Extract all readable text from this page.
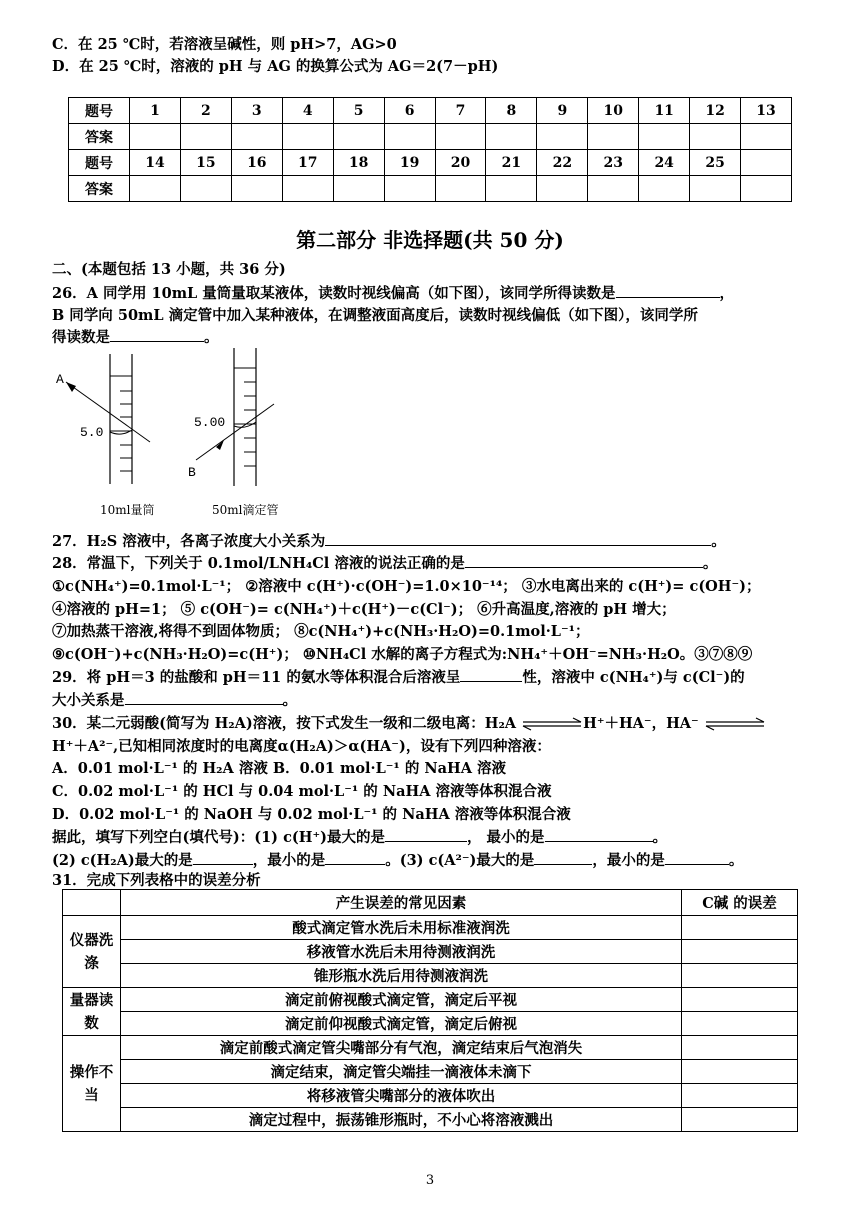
C．在 25 ℃时，若溶液呈碱性，则 pH>7，AG>0
D．在 25 ℃时，溶液的 pH 与 AG 的换算公式为 AG＝2(7－pH)
题号	1	2	3	4	5	6	7	8	9	10	11	12	13
答案													
题号	14	15	16	17	18	19	20	21	22	23	24	25	
答案													
第二部分 非选择题(共 50 分)
二、(本题包括 13 小题，共 36 分)
26．A 同学用 10mL 量筒量取某液体，读数时视线偏高（如下图），该同学所得读数是	，
B 同学向 50mL 滴定管中加入某种液体，在调整液面高度后，读数时视线偏低（如下图），该同学所
得读数是	。
A
5.0
5.00
B
10ml量筒	50ml滴定管
27．H₂S 溶液中，各离子浓度大小关系为	。
28．常温下，下列关于 0.1mol/LNH₄Cl 溶液的说法正确的是	。
①c(NH₄⁺)=0.1mol·L⁻¹； ②溶液中 c(H⁺)·c(OH⁻)=1.0×10⁻¹⁴； ③水电离出来的 c(H⁺)= c(OH⁻)；
④溶液的 pH=1； ⑤ c(OH⁻)= c(NH₄⁺)＋c(H⁺)－c(Cl⁻)； ⑥升高温度,溶液的 pH 增大；
⑦加热蒸干溶液,将得不到固体物质； ⑧c(NH₄⁺)+c(NH₃·H₂O)=0.1mol·L⁻¹；
⑨c(OH⁻)+c(NH₃·H₂O)=c(H⁺)； ⑩NH₄Cl 水解的离子方程式为:NH₄⁺＋OH⁻=NH₃·H₂O。③⑦⑧⑨
29．将 pH＝3 的盐酸和 pH＝11 的氨水等体积混合后溶液呈	性，溶液中 c(NH₄⁺)与 c(Cl⁻)的
大小关系是	。
30．某二元弱酸(简写为 H₂A)溶液，按下式发生一级和二级电离：H₂A	H⁺＋HA⁻，HA⁻
H⁺＋A²⁻,已知相同浓度时的电离度α(H₂A)＞α(HA⁻)，设有下列四种溶液：
A．0.01 mol·L⁻¹ 的 H₂A 溶液 B．0.01 mol·L⁻¹ 的 NaHA 溶液
C．0.02 mol·L⁻¹ 的 HCl 与 0.04 mol·L⁻¹ 的 NaHA 溶液等体积混合液
D．0.02 mol·L⁻¹ 的 NaOH 与 0.02 mol·L⁻¹ 的 NaHA 溶液等体积混合液
据此，填写下列空白(填代号)：(1) c(H⁺)最大的是	， 最小的是	。
(2) c(H₂A)最大的是	，最小的是	。(3) c(A²⁻)最大的是	，最小的是	。
31．完成下列表格中的误差分析
	产生误差的常见因素	C碱 的误差
仪器洗涤	酸式滴定管水洗后未用标准液润洗	
	移液管水洗后未用待测液润洗	
	锥形瓶水洗后用待测液润洗	
量器读数	滴定前俯视酸式滴定管，滴定后平视	
	滴定前仰视酸式滴定管，滴定后俯视	
操作不当	滴定前酸式滴定管尖嘴部分有气泡，滴定结束后气泡消失	
	滴定结束，滴定管尖端挂一滴液体未滴下	
	将移液管尖嘴部分的液体吹出	
	滴定过程中，振荡锥形瓶时，不小心将溶液溅出	
3
